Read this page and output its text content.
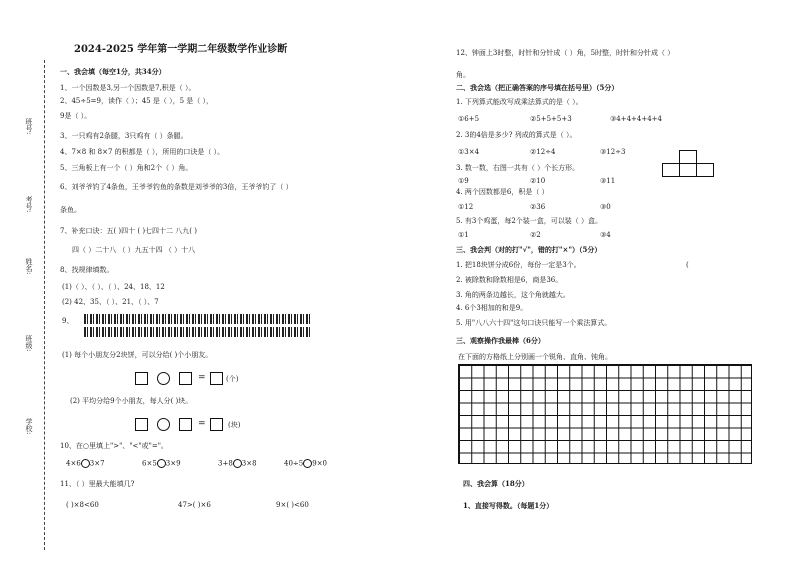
2024-2025 学年第一学期二年级数学作业诊断
班号:
考号:
姓名:
班级:
学校:
一、我会填（每空1分，共34分）
1、一个因数是3,另一个因数是7,积是（ ）。
2、45÷5=9，读作（ ）；45 是（ ），5 是（ ），
9是（ ）。
3、一只鸡有2条腿，3只鸡有（ ）条腿。
4、7×8 和 8×7 的积都是（ ），所用的口诀是（ ）。
5、三角板上有一个（ ）角和2个（ ）角。
6、刘爷爷钓了4条鱼，王爷爷钓鱼的条数是刘爷爷的3倍，王爷爷钓了（ ）
条鱼。
7、补充口诀：五( )四十 ( )七四十二 八九( )
四（ ）二十八 （ ）九五十四 （ ）十八
8、找规律填数。
(1)（ ）、（ ）、（ ）、24、18、12
(2) 42、35、（ ）、21、（ ）、7
9、
(1) 每个小朋友分2块饼，可以分给( )个小朋友。
=	(个)
(2) 平均分给9个小朋友，每人分( )块。
=	(块)
10、在○里填上">"、"<"或"="。
4×6 3×7	6×5 3×9	3+8 3×8	40÷5 9×0
11、（ ）里最大能填几?
( )×8<60	47>( )×6	9×( )<60
12、钟面上3时整，时针和分针成（ ）角，5时整，时针和分针成（ ）
角。
二、我会选（把正确答案的序号填在括号里）（5分）
1. 下列算式能改写成乘法算式的是（ ）。
①6+5	②5+5+5+3	③4+4+4+4+4
2. 3的4倍是多少? 列成的算式是（ ）。
①3×4	②12÷4	③12÷3
3. 数一数，右图一共有（ ）个长方形。
①9	②10	③11
4. 两个因数都是6，积是（ ）
①12	②36	③0
5. 有3个鸡蛋，每2个装一盒，可以装（ ）盒。
①1	②2	③4
三、我会判（对的打"√"，错的打"×"）（5分）
1. 把18块饼分成6份，每份一定是3个。	(
2. 被除数和除数相是6，商是36。
3. 角的两条边越长，这个角就越大。
4. 6个3相加的和是9。
5. 用"八八六十四"这句口诀只能写一个乘法算式。
三、观察操作我最棒（6分）
在下面的方格纸上分别画一个锐角、直角、钝角。
四、我会算（18分）
1、直接写得数。（每题1分）
